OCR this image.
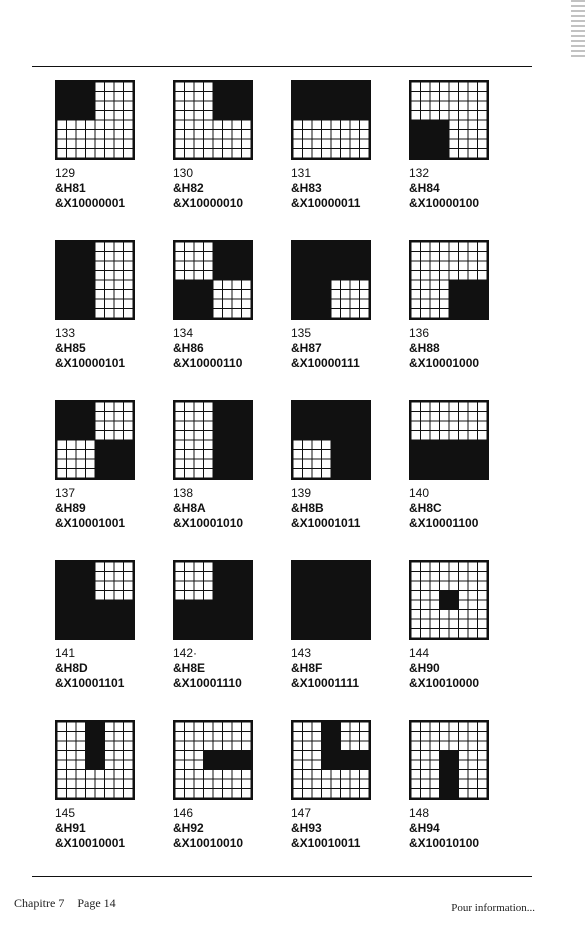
129
&H81
&X10000001
130
&H82
&X10000010
131
&H83
&X10000011
132
&H84
&X10000100
133
&H85
&X10000101
134
&H86
&X10000110
135
&H87
&X10000111
136
&H88
&X10001000
137
&H89
&X10001001
138
&H8A
&X10001010
139
&H8B
&X10001011
140
&H8C
&X10001100
141
&H8D
&X10001101
142·
&H8E
&X10001110
143
&H8F
&X10001111
144
&H90
&X10010000
145
&H91
&X10010001
146
&H92
&X10010010
147
&H93
&X10010011
148
&H94
&X10010100
Chapitre 7 Page 14	Pour information...
